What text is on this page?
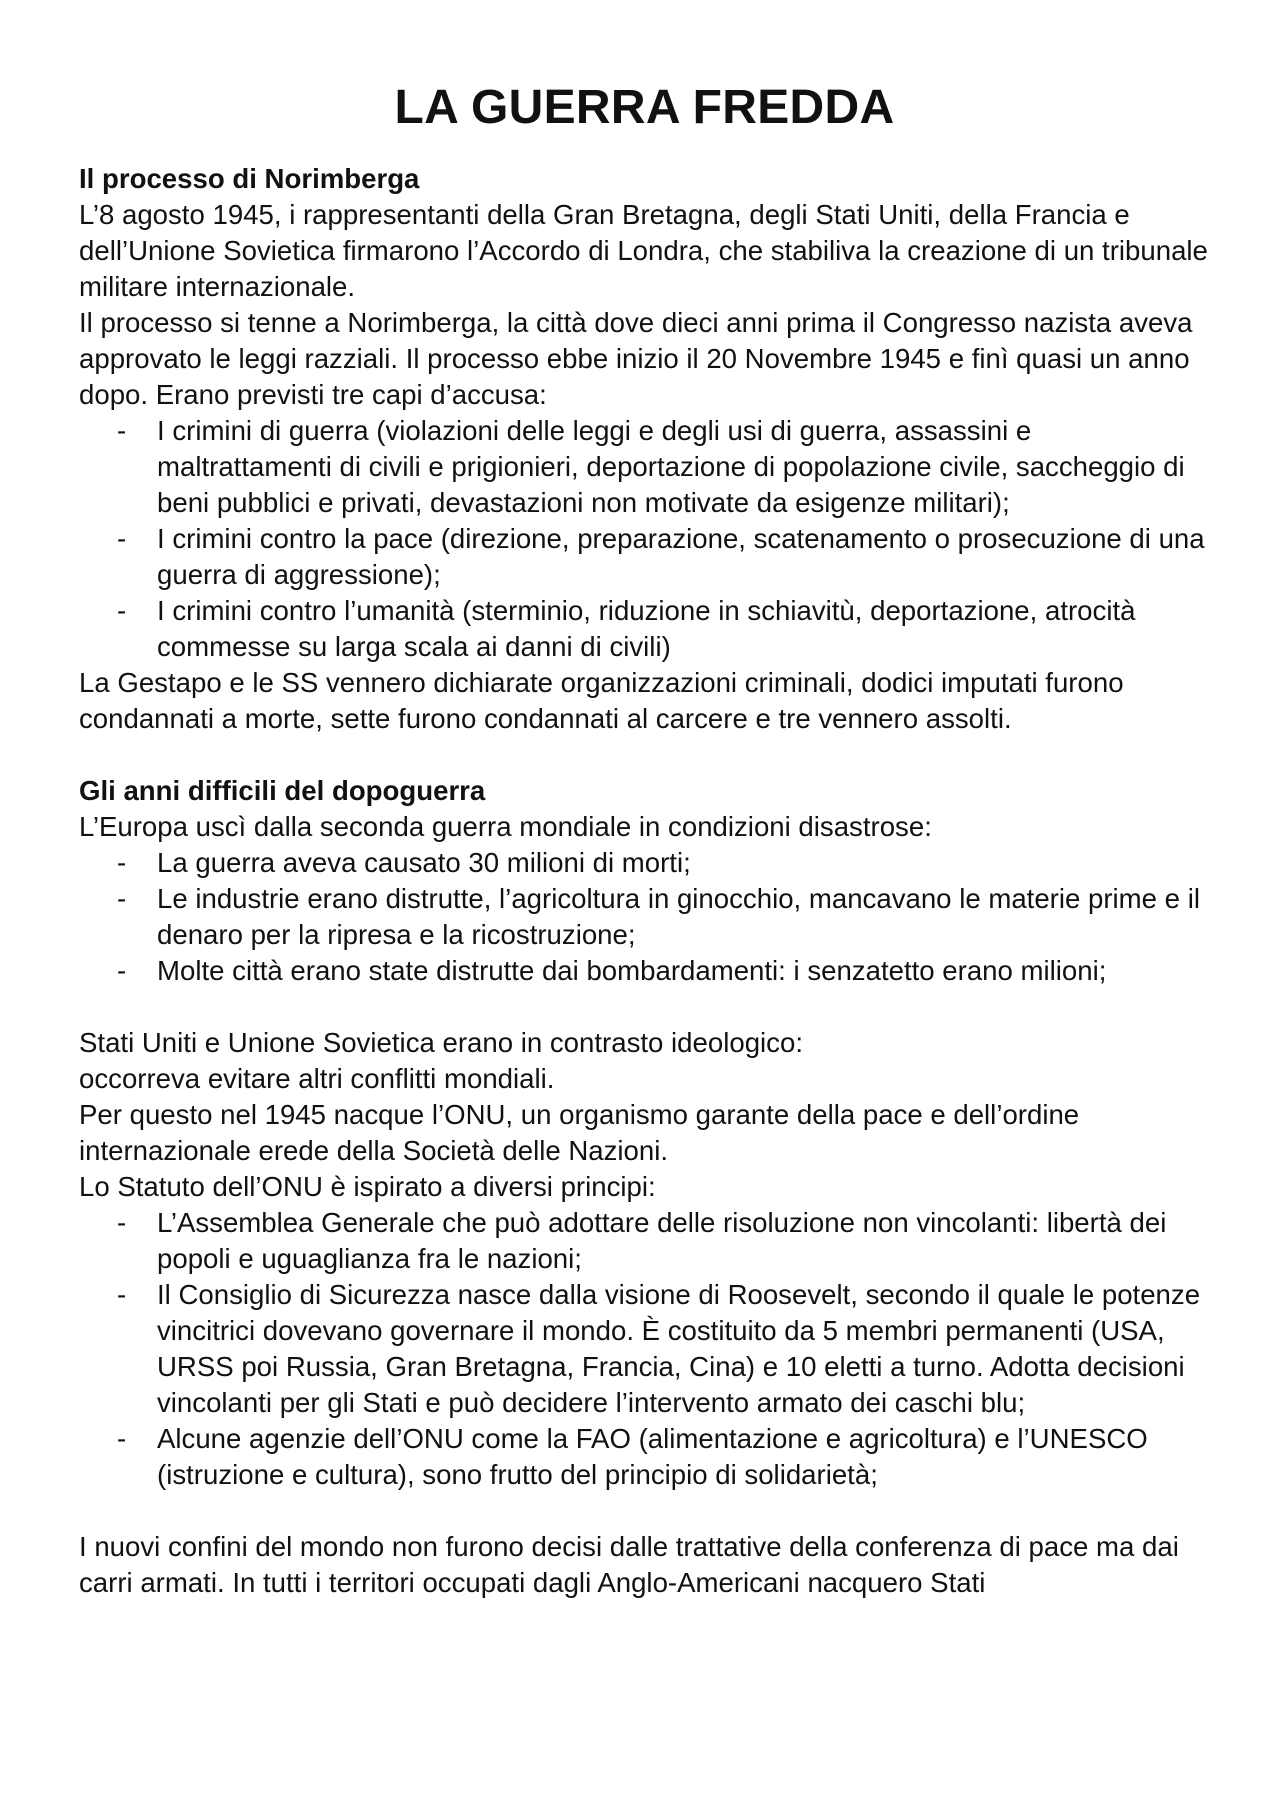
LA GUERRA FREDDA
Il processo di Norimberga

L’8 agosto 1945, i rappresentanti della Gran Bretagna, degli Stati Uniti, della Francia e dell’Unione Sovietica firmarono l’Accordo di Londra, che stabiliva la creazione di un tribunale militare internazionale.

Il processo si tenne a Norimberga, la città dove dieci anni prima il Congresso nazista aveva approvato le leggi razziali. Il processo ebbe inizio il 20 Novembre 1945 e finì quasi un anno dopo. Erano previsti tre capi d’accusa:

- I crimini di guerra (violazioni delle leggi e degli usi di guerra, assassini e maltrattamenti di civili e prigionieri, deportazione di popolazione civile, saccheggio di beni pubblici e privati, devastazioni non motivate da esigenze militari);
- I crimini contro la pace (direzione, preparazione, scatenamento o prosecuzione di una guerra di aggressione);
- I crimini contro l’umanità (sterminio, riduzione in schiavitù, deportazione, atrocità commesse su larga scala ai danni di civili)

La Gestapo e le SS vennero dichiarate organizzazioni criminali, dodici imputati furono condannati a morte, sette furono condannati al carcere e tre vennero assolti.

Gli anni difficili del dopoguerra

L’Europa uscì dalla seconda guerra mondiale in condizioni disastrose:

- La guerra aveva causato 30 milioni di morti;
- Le industrie erano distrutte, l’agricoltura in ginocchio, mancavano le materie prime e il denaro per la ripresa e la ricostruzione;
- Molte città erano state distrutte dai bombardamenti: i senzatetto erano milioni;

Stati Uniti e Unione Sovietica erano in contrasto ideologico:

occorreva evitare altri conflitti mondiali.

Per questo nel 1945 nacque l’ONU, un organismo garante della pace e dell’ordine internazionale erede della Società delle Nazioni.

Lo Statuto dell’ONU è ispirato a diversi principi:

- L’Assemblea Generale che può adottare delle risoluzione non vincolanti: libertà dei popoli e uguaglianza fra le nazioni;
- Il Consiglio di Sicurezza nasce dalla visione di Roosevelt, secondo il quale le potenze vincitrici dovevano governare il mondo. È costituito da 5 membri permanenti (USA, URSS poi Russia, Gran Bretagna, Francia, Cina) e 10 eletti a turno. Adotta decisioni vincolanti per gli Stati e può decidere l’intervento armato dei caschi blu;
- Alcune agenzie dell’ONU come la FAO (alimentazione e agricoltura) e l’UNESCO (istruzione e cultura), sono frutto del principio di solidarietà;

I nuovi confini del mondo non furono decisi dalle trattative della conferenza di pace ma dai carri armati. In tutti i territori occupati dagli Anglo-Americani nacquero Stati
